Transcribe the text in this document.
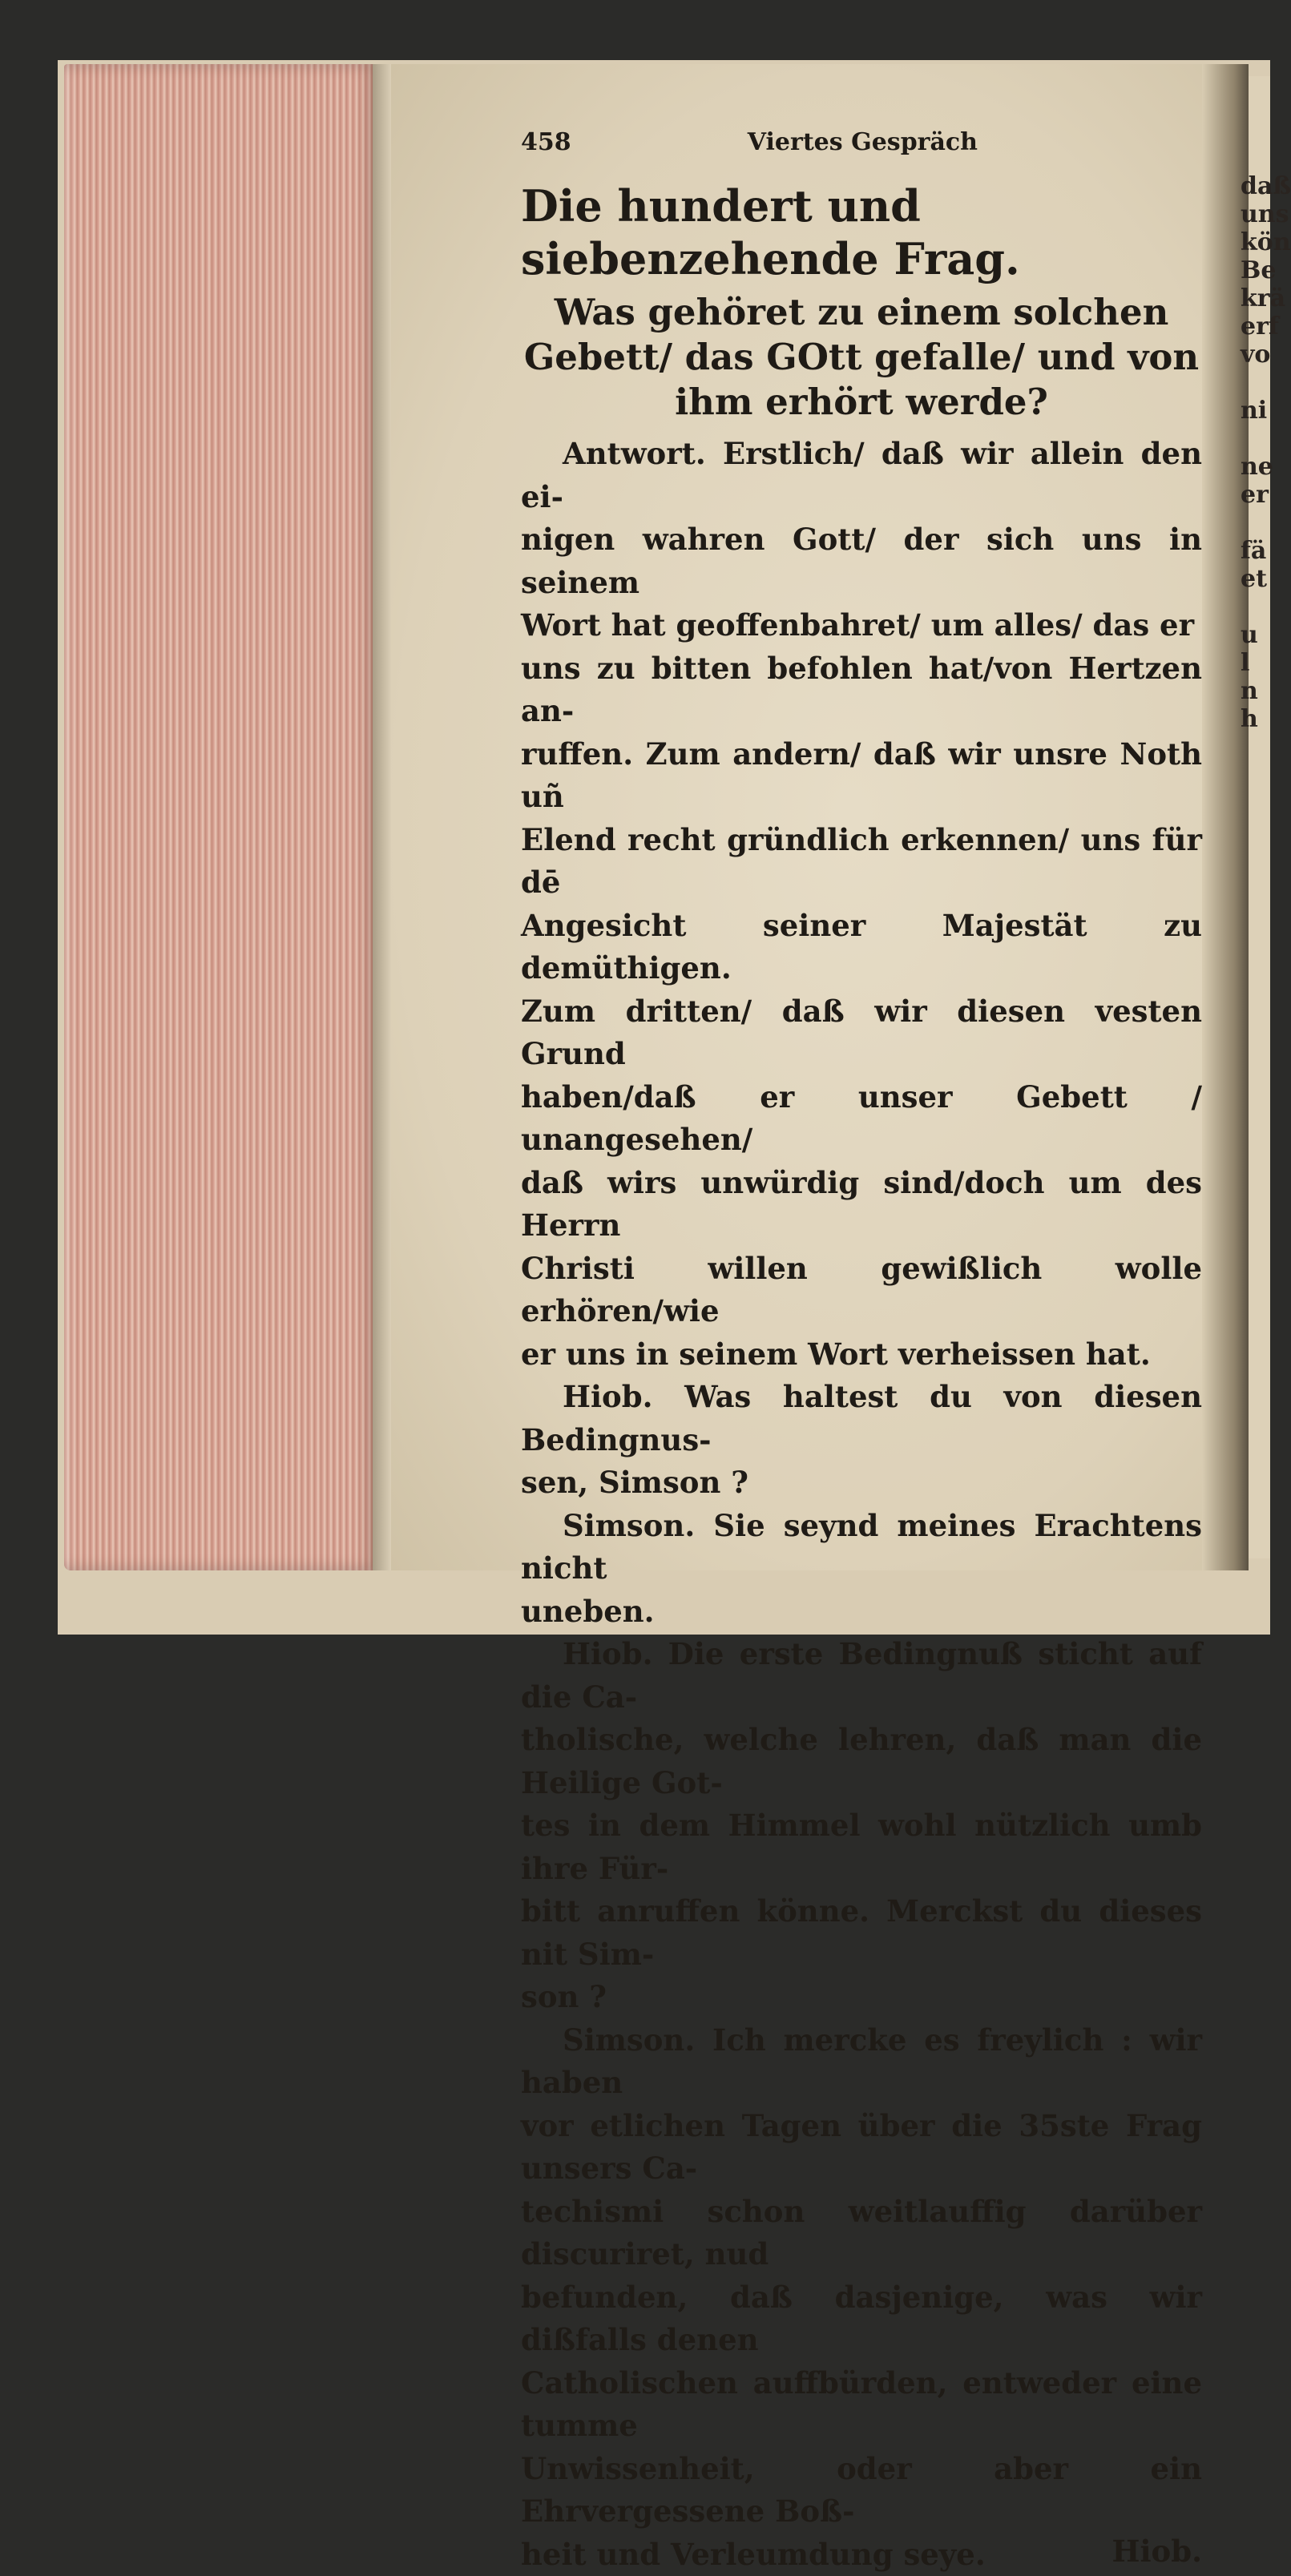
daß
uns
kön
Be
krä
erf
vo

ni

ne
er

fä
et

u
l
n
h
458	Viertes Gespräch
Die hundert und siebenzehende Frag.
Was gehöret zu einem solchen Gebett/ das GOtt gefalle/ und von ihm erhört werde?

Antwort. Erstlich/ daß wir allein den ei-

nigen wahren Gott/ der sich uns in seinem

Wort hat geoffenbahret/ um alles/ das er

uns zu bitten befohlen hat/von Hertzen an-

ruffen. Zum andern/ daß wir unsre Noth uñ

Elend recht gründlich erkennen/ uns für dē

Angesicht seiner Majestät zu demüthigen.

Zum dritten/ daß wir diesen vesten Grund

haben/daß er unser Gebett / unangesehen/

daß wirs unwürdig sind/doch um des Herrn

Christi willen gewißlich wolle erhören/wie

er uns in seinem Wort verheissen hat.

Hiob. Was haltest du von diesen Bedingnus-

sen, Simson ?

Simson. Sie seynd meines Erachtens nicht

uneben.

Hiob. Die erste Bedingnuß sticht auf die Ca-

tholische, welche lehren, daß man die Heilige Got-

tes in dem Himmel wohl nützlich umb ihre Für-

bitt anruffen könne. Merckst du dieses nit Sim-

son ?

Simson. Ich mercke es freylich : wir haben

vor etlichen Tagen über die 35ste Frag unsers Ca-

techismi schon weitlauffig darüber discuriret, nud

befunden, daß dasjenige, was wir dißfalls denen

Catholischen auffbürden, entweder eine tumme

Unwissenheit, oder aber ein Ehrvergessene Boß-

heit und Verleumdung seye.	Hiob.
